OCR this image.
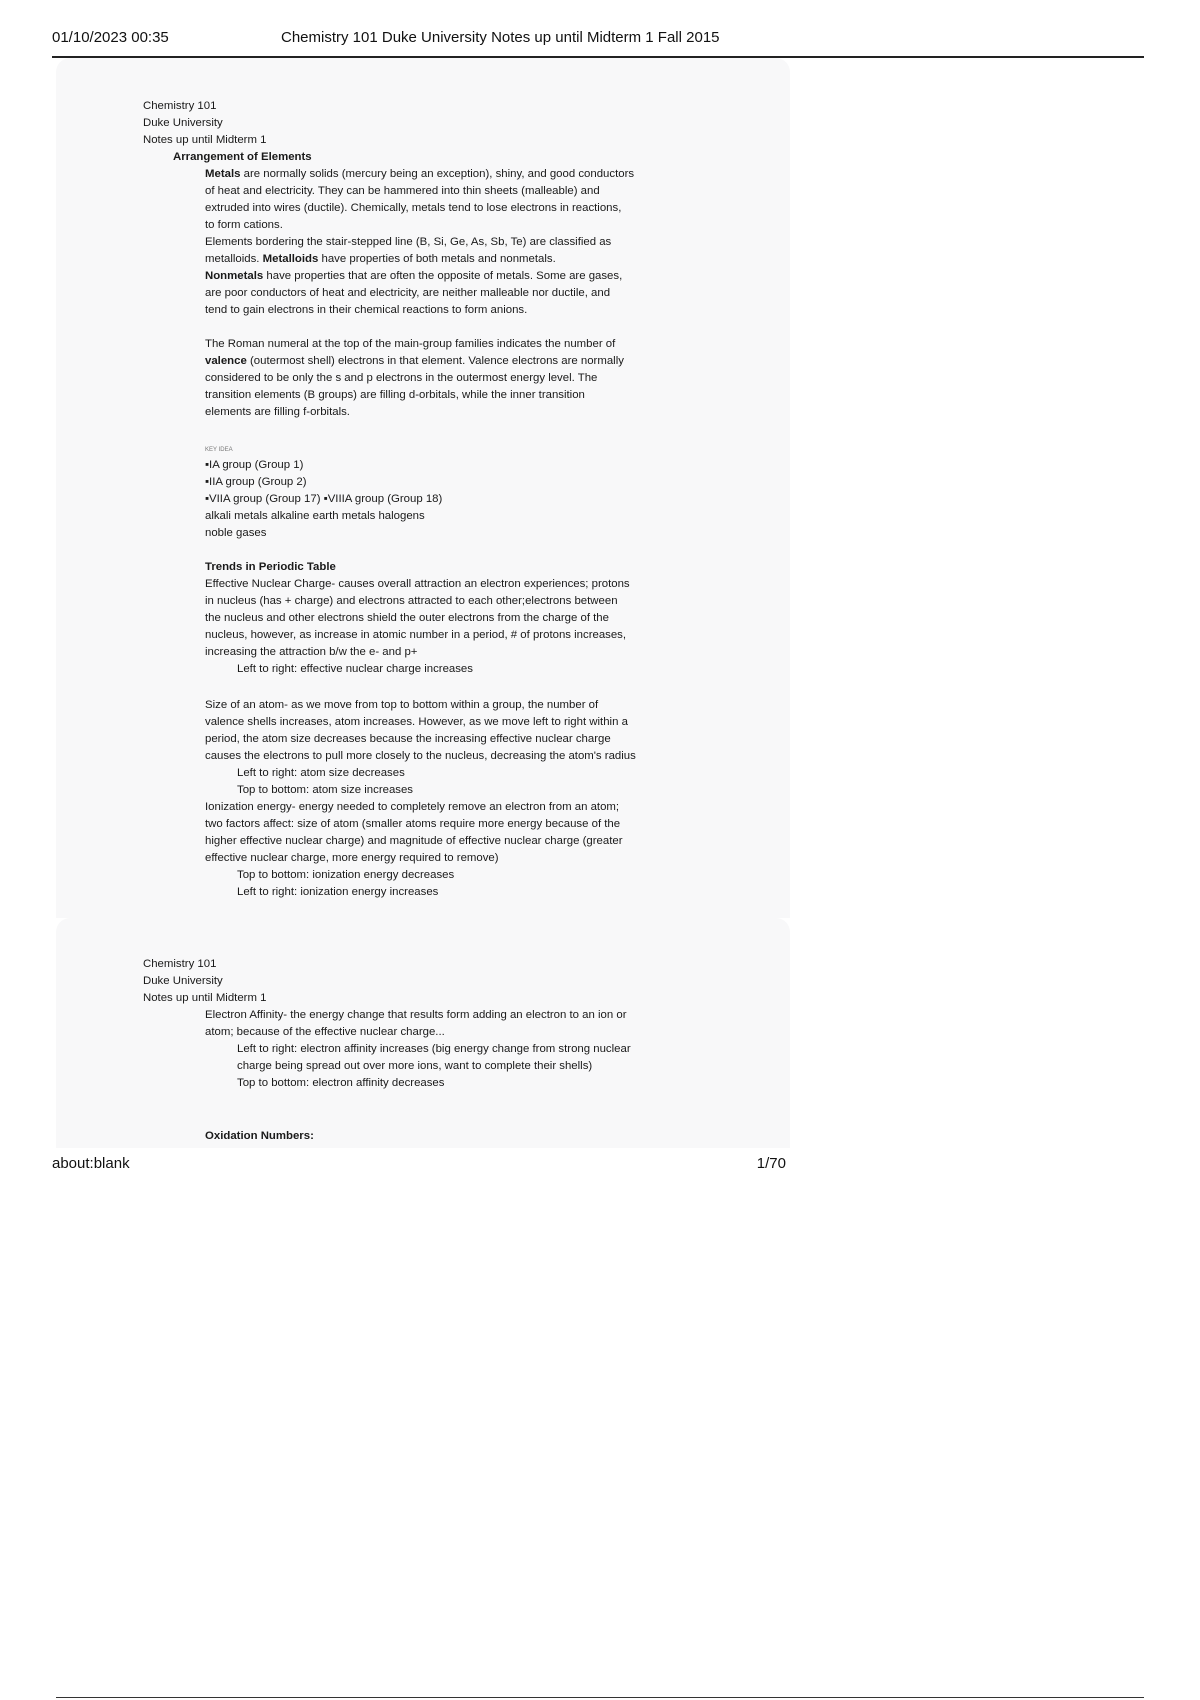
01/10/2023 00:35	Chemistry 101 Duke University Notes up until Midterm 1 Fall 2015

Chemistry 101

Duke University

Notes up until Midterm 1

Arrangement of Elements

Metals are normally solids (mercury being an exception), shiny, and good conductors

of heat and electricity. They can be hammered into thin sheets (malleable) and

extruded into wires (ductile). Chemically, metals tend to lose electrons in reactions,

to form cations.

Elements bordering the stair-stepped line (B, Si, Ge, As, Sb, Te) are classified as

metalloids. Metalloids have properties of both metals and nonmetals.

Nonmetals have properties that are often the opposite of metals. Some are gases,

are poor conductors of heat and electricity, are neither malleable nor ductile, and

tend to gain electrons in their chemical reactions to form anions.

The Roman numeral at the top of the main-group families indicates the number of

valence (outermost shell) electrons in that element. Valence electrons are normally

considered to be only the s and p electrons in the outermost energy level. The

transition elements (B groups) are filling d-orbitals, while the inner transition

elements are filling f-orbitals.

KEY IDEA

▪IA group (Group 1)

▪IIA group (Group 2)

▪VIIA group (Group 17) ▪VIIIA group (Group 18)

alkali metals alkaline earth metals halogens

noble gases

Trends in Periodic Table

Effective Nuclear Charge- causes overall attraction an electron experiences; protons

in nucleus (has + charge) and electrons attracted to each other;electrons between

the nucleus and other electrons shield the outer electrons from the charge of the

nucleus, however, as increase in atomic number in a period, # of protons increases,

increasing the attraction b/w the e- and p+

Left to right: effective nuclear charge increases

Size of an atom- as we move from top to bottom within a group, the number of

valence shells increases, atom increases. However, as we move left to right within a

period, the atom size decreases because the increasing effective nuclear charge

causes the electrons to pull more closely to the nucleus, decreasing the atom's radius

Left to right: atom size decreases

Top to bottom: atom size increases

Ionization energy- energy needed to completely remove an electron from an atom;

two factors affect: size of atom (smaller atoms require more energy because of the

higher effective nuclear charge) and magnitude of effective nuclear charge (greater

effective nuclear charge, more energy required to remove)

Top to bottom: ionization energy decreases

Left to right: ionization energy increases

Chemistry 101

Duke University

Notes up until Midterm 1

Electron Affinity- the energy change that results form adding an electron to an ion or

atom; because of the effective nuclear charge...

Left to right: electron affinity increases (big energy change from strong nuclear

charge being spread out over more ions, want to complete their shells)

Top to bottom: electron affinity decreases

Oxidation Numbers:

about:blank	1/70
